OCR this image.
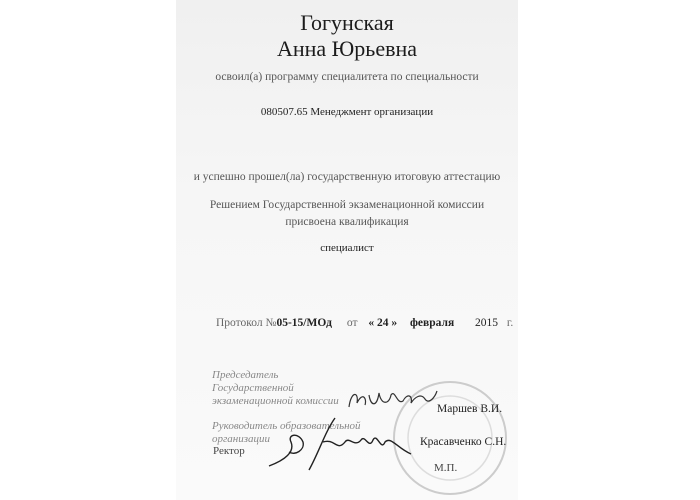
Гогунская
Анна Юрьевна
освоил(а) программу специалитета по специальности
080507.65 Менеджмент организации
и успешно прошел(ла) государственную итоговую аттестацию
Решением Государственной экзаменационной комиссии
присвоена квалификация
специалист
Протокол №05-15/МОд от « 24 » февраля 2015 г.
Председатель
Государственной
экзаменационной комиссии
Руководитель образовательной
организации
Ректор
Маршев В.И.
Красавченко С.Н.
М.П.
